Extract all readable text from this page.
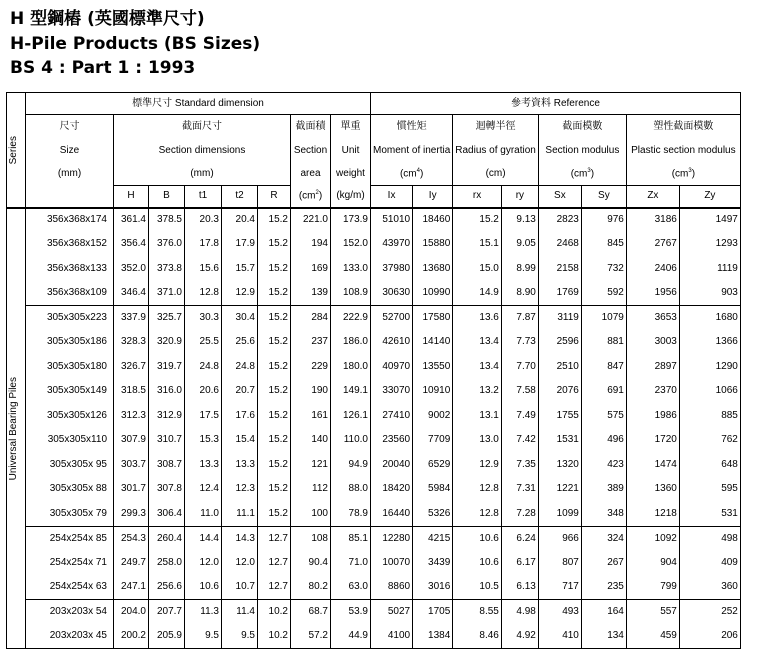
H 型鋼樁 (英國標準尺寸)
H-Pile Products (BS Sizes)
BS 4 : Part 1 : 1993
Series	標準尺寸 Standard dimension								參考資料 Reference							
	尺寸	截面尺寸					截面積	單重	慣性矩		迴轉半徑		截面模數		塑性截面模數	
	Size	Section dimensions					Section	Unit	Moment of inertia		Radius of gyration		Section modulus		Plastic section modulus	
	(mm)	(mm)					area	weight	$(cm^4)$		(cm)		$(cm^3)$		$(cm^3)$	
		H	B	t1	t2	R	$(cm^2)$	(kg/m)	Ix	Iy	rx	ry	Sx	Sy	Zx	Zy

Universal Bearing Piles	356x368x174	361.4	378.5	20.3	20.4	15.2	221.0	173.9	51010	18460	15.2	9.13	2823	976	3186	1497
	356x368x152	356.4	376.0	17.8	17.9	15.2	194	152.0	43970	15880	15.1	9.05	2468	845	2767	1293
	356x368x133	352.0	373.8	15.6	15.7	15.2	169	133.0	37980	13680	15.0	8.99	2158	732	2406	1119
	356x368x109	346.4	371.0	12.8	12.9	15.2	139	108.9	30630	10990	14.9	8.90	1769	592	1956	903
	305x305x223	337.9	325.7	30.3	30.4	15.2	284	222.9	52700	17580	13.6	7.87	3119	1079	3653	1680
	305x305x186	328.3	320.9	25.5	25.6	15.2	237	186.0	42610	14140	13.4	7.73	2596	881	3003	1366
	305x305x180	326.7	319.7	24.8	24.8	15.2	229	180.0	40970	13550	13.4	7.70	2510	847	2897	1290
	305x305x149	318.5	316.0	20.6	20.7	15.2	190	149.1	33070	10910	13.2	7.58	2076	691	2370	1066
	305x305x126	312.3	312.9	17.5	17.6	15.2	161	126.1	27410	9002	13.1	7.49	1755	575	1986	885
	305x305x110	307.9	310.7	15.3	15.4	15.2	140	110.0	23560	7709	13.0	7.42	1531	496	1720	762
	305x305x 95	303.7	308.7	13.3	13.3	15.2	121	94.9	20040	6529	12.9	7.35	1320	423	1474	648
	305x305x 88	301.7	307.8	12.4	12.3	15.2	112	88.0	18420	5984	12.8	7.31	1221	389	1360	595
	305x305x 79	299.3	306.4	11.0	11.1	15.2	100	78.9	16440	5326	12.8	7.28	1099	348	1218	531
	254x254x 85	254.3	260.4	14.4	14.3	12.7	108	85.1	12280	4215	10.6	6.24	966	324	1092	498
	254x254x 71	249.7	258.0	12.0	12.0	12.7	90.4	71.0	10070	3439	10.6	6.17	807	267	904	409
	254x254x 63	247.1	256.6	10.6	10.7	12.7	80.2	63.0	8860	3016	10.5	6.13	717	235	799	360
	203x203x 54	204.0	207.7	11.3	11.4	10.2	68.7	53.9	5027	1705	8.55	4.98	493	164	557	252
	203x203x 45	200.2	205.9	9.5	9.5	10.2	57.2	44.9	4100	1384	8.46	4.92	410	134	459	206
